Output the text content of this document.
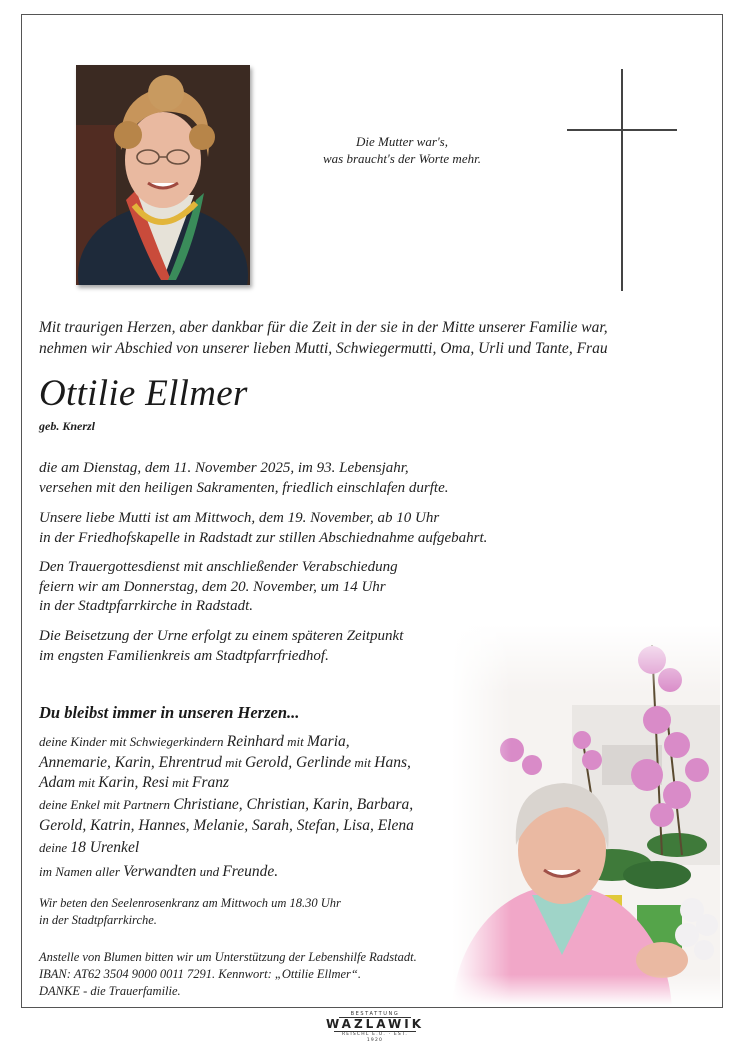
Die Mutter war's,
was braucht's der Worte mehr.
Mit traurigen Herzen, aber dankbar für die Zeit in der sie in der Mitte unserer Familie war,
nehmen wir Abschied von unserer lieben Mutti, Schwiegermutti, Oma, Urli und Tante, Frau
Ottilie Ellmer
geb. Knerzl
die am Dienstag, dem 11. November 2025, im 93. Lebensjahr,
versehen mit den heiligen Sakramenten, friedlich einschlafen durfte.
Unsere liebe Mutti ist am Mittwoch, dem 19. November, ab 10 Uhr
in der Friedhofskapelle in Radstadt zur stillen Abschiednahme aufgebahrt.
Den Trauergottesdienst mit anschließender Verabschiedung
feiern wir am Donnerstag, dem 20. November, um 14 Uhr
in der Stadtpfarrkirche in Radstadt.
Die Beisetzung der Urne erfolgt zu einem späteren Zeitpunkt
im engsten Familienkreis am Stadtpfarrfriedhof.
Du bleibst immer in unseren Herzen...
deine Kinder mit Schwiegerkindern Reinhard mit Maria,
Annemarie, Karin, Ehrentrud mit Gerold, Gerlinde mit Hans,
Adam mit Karin, Resi mit Franz
deine Enkel mit Partnern Christiane, Christian, Karin, Barbara,
Gerold, Katrin, Hannes, Melanie, Sarah, Stefan, Lisa, Elena
deine 18 Urenkel
im Namen aller Verwandten und Freunde.
Wir beten den Seelenrosenkranz am Mittwoch um 18.30 Uhr
in der Stadtpfarrkirche.
Anstelle von Blumen bitten wir um Unterstützung der Lebenshilfe Radstadt.
IBAN: AT62 3504 9000 0011 7291. Kennwort: „Ottilie Ellmer“.
DANKE - die Trauerfamilie.
BESTATTUNG
WAZLAWIK
REISCHL E.U. · EST. 1920
